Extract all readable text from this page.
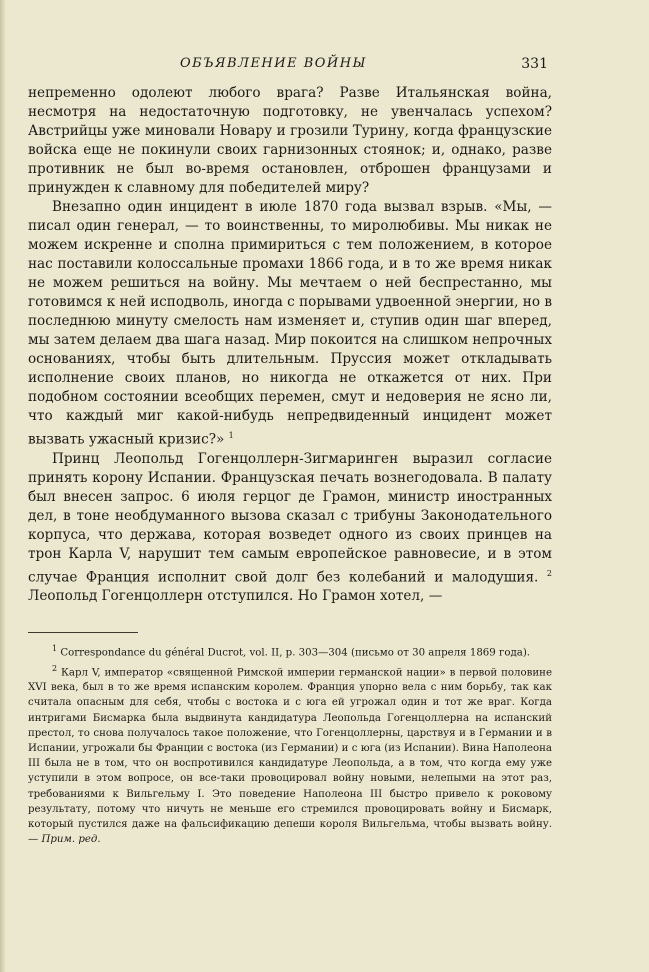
ОБЪЯВЛЕНИЕ ВОЙНЫ	331

непременно одолеют любого врага? Разве Итальянская война, несмотря на недостаточную подготовку, не увенчалась успехом? Австрийцы уже миновали Новару и грозили Турину, когда французские войска еще не покинули своих гарнизонных стоянок; и, однако, разве противник не был во-время остановлен, отброшен французами и принужден к славному для победителей миру?

Внезапно один инцидент в июле 1870 года вызвал взрыв. «Мы, — писал один генерал, — то воинственны, то миролюбивы. Мы никак не можем искренне и сполна примириться с тем положением, в которое нас поставили колоссальные промахи 1866 года, и в то же время никак не можем решиться на войну. Мы мечтаем о ней беспрестанно, мы готовимся к ней исподволь, иногда с порывами удвоенной энергии, но в последнюю минуту смелость нам изменяет и, ступив один шаг вперед, мы затем делаем два шага назад. Мир покоится на слишком непрочных основаниях, чтобы быть длительным. Пруссия может откладывать исполнение своих планов, но никогда не откажется от них. При подобном состоянии всеобщих перемен, смут и недоверия не ясно ли, что каждый миг какой-нибудь непредвиденный инцидент может вызвать ужасный кризис?» $^1$

Принц Леопольд Гогенцоллерн-Зигмаринген выразил согласие принять корону Испании. Французская печать вознегодовала. В палату был внесен запрос. 6 июля герцог де Грамон, министр иностранных дел, в тоне необдуманного вызова сказал с трибуны Законодательного корпуса, что держава, которая возведет одного из своих принцев на трон Карла V, нарушит тем самым европейское равновесие, и в этом случае Франция исполнит свой долг без колебаний и малодушия. $^2$ Леопольд Гогенцоллерн отступился. Но Грамон хотел, —

$^1$ Correspondance du général Ducrot, vol. II, p. 303—304 (письмо от 30 апреля 1869 года).

$^2$ Карл V, император «священной Римской империи германской нации» в первой половине XVI века, был в то же время испанским королем. Франция упорно вела с ним борьбу, так как считала опасным для себя, чтобы с востока и с юга ей угрожал один и тот же враг. Когда интригами Бисмарка была выдвинута кандидатура Леопольда Гогенцоллерна на испанский престол, то снова получалось такое положение, что Гогенцоллерны, царствуя и в Германии и в Испании, угрожали бы Франции с востока (из Германии) и с юга (из Испании). Вина Наполеона III была не в том, что он воспротивился кандидатуре Леопольда, а в том, что когда ему уже уступили в этом вопросе, он все-таки провоцировал войну новыми, нелепыми на этот раз, требованиями к Вильгельму I. Это поведение Наполеона III быстро привело к роковому результату, потому что ничуть не меньше его стремился провоцировать войну и Бисмарк, который пустился даже на фальсификацию депеши короля Вильгельма, чтобы вызвать войну. — Прим. ред.
